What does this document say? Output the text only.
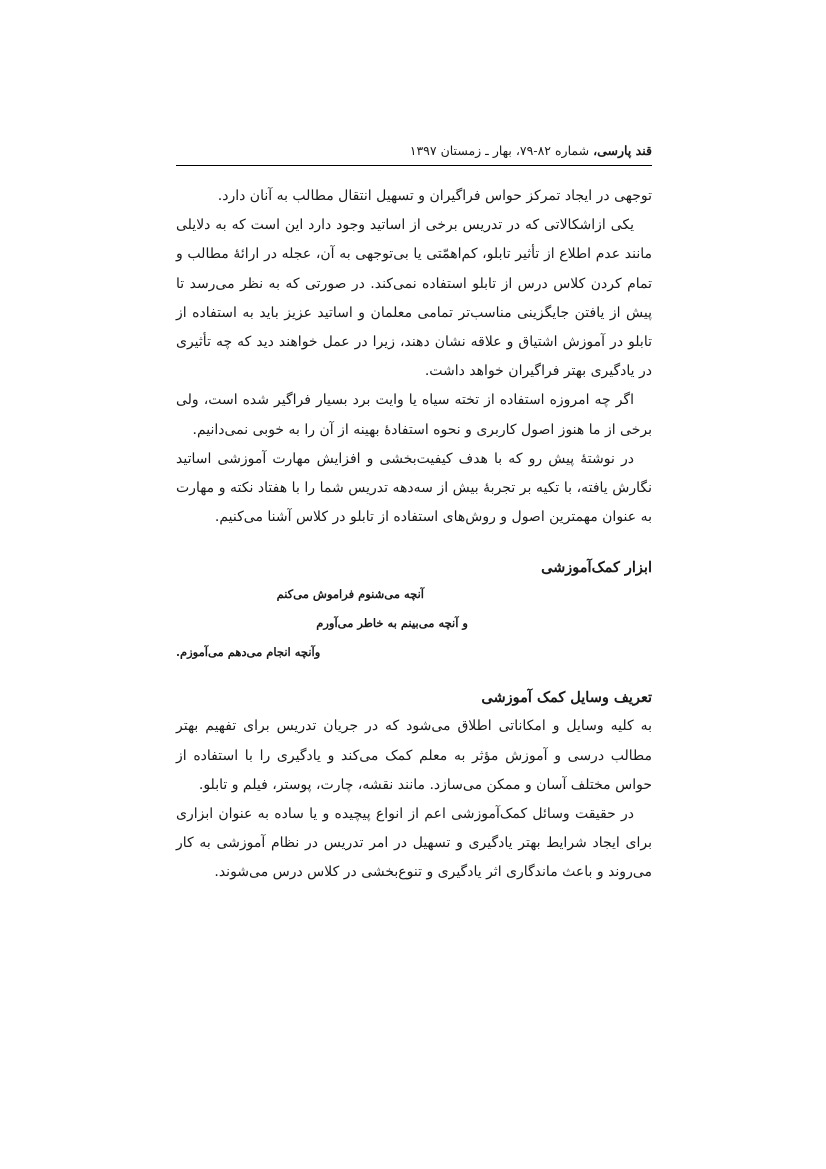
قند پارسی، شماره ۸۲-۷۹، بهار ـ زمستان ۱۳۹۷

توجهی در ایجاد تمرکز حواس فراگیران و تسهیل انتقال مطالب به آنان دارد.

یکی ازاشکالاتی که در تدریس برخی از اساتید وجود دارد این است که به دلایلی مانند عدم اطلاع از تأثیر تابلو، کم‌اهمّتی یا بی‌توجهی به آن، عجله در ارائۀ مطالب و تمام کردن کلاس درس از تابلو استفاده نمی‌کند. در صورتی که به نظر می‌رسد تا پیش از یافتن جایگزینی مناسب‌تر تمامی معلمان و اساتید عزیز باید به استفاده از تابلو در آموزش اشتیاق و علاقه نشان دهند، زیرا در عمل خواهند دید که چه تأثیری در یادگیری بهتر فراگیران خواهد داشت.

اگر چه امروزه استفاده از تخته سیاه یا وایت برد بسیار فراگیر شده است، ولی برخی از ما هنوز اصول کاربری و نحوه استفادۀ بهینه از آن را به خوبی نمی‌دانیم.

در نوشتۀ پیش رو که با هدف کیفیت‌بخشی و افزایش مهارت آموزشی اساتید نگارش یافته، با تکیه بر تجربۀ بیش از سه‌دهه تدریس شما را با هفتاد نکته و مهارت به عنوان مهمترین اصول و روش‌های استفاده از تابلو در کلاس آشنا می‌کنیم.

ابزار کمک‌آموزشی

آنچه می‌شنوم فراموش می‌کنم

و آنچه می‌بینم به خاطر می‌آورم

وآنچه انجام می‌دهم می‌آموزم.

تعریف وسایل کمک آموزشی

به کلیه وسایل و امکاناتی اطلاق می‌شود که در جریان تدریس برای تفهیم بهتر مطالب درسی و آموزش مؤثر به معلم کمک می‌کند و یادگیری را با استفاده از حواس مختلف آسان و ممکن می‌سازد. مانند نقشه، چارت، پوستر، فیلم و تابلو.

در حقیقت وسائل کمک‌آموزشی اعم از انواع پیچیده و یا ساده به عنوان ابزاری برای ایجاد شرایط بهتر یادگیری و تسهیل در امر تدریس در نظام آموزشی به کار می‌روند و باعث ماندگاری اثر یادگیری و تنوع‌بخشی در کلاس درس می‌شوند.
